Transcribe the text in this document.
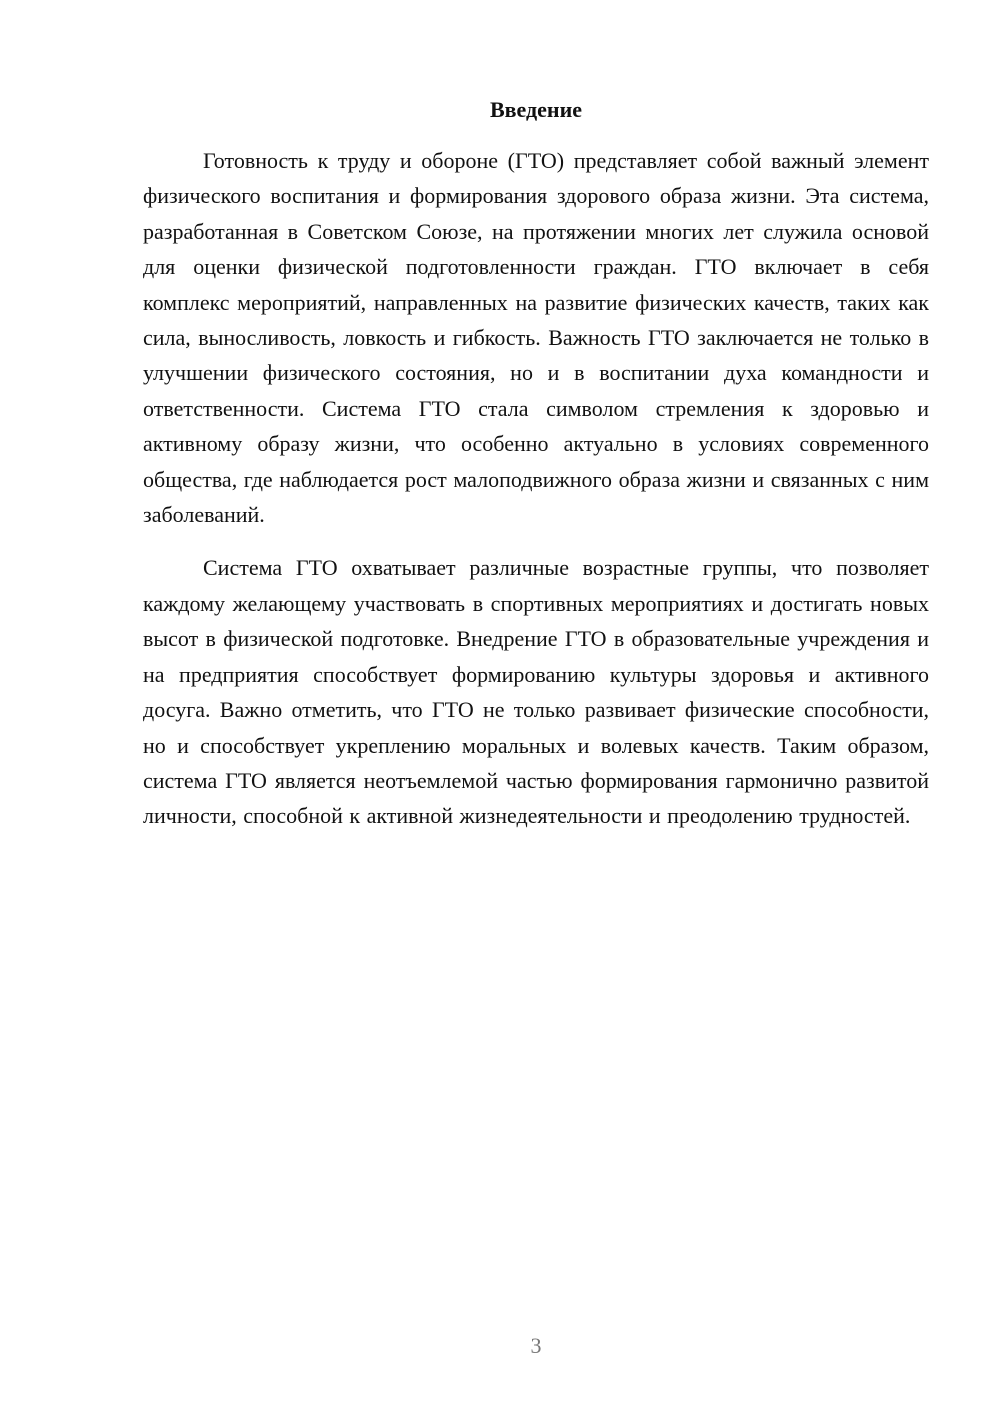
Введение

Готовность к труду и обороне (ГТО) представляет собой важный элемент физического воспитания и формирования здорового образа жизни. Эта система, разработанная в Советском Союзе, на протяжении многих лет служила основой для оценки физической подготовленности граждан. ГТО включает в себя комплекс мероприятий, направленных на развитие физических качеств, таких как сила, выносливость, ловкость и гибкость. Важность ГТО заключается не только в улучшении физического состояния, но и в воспитании духа командности и ответственности. Система ГТО стала символом стремления к здоровью и активному образу жизни, что особенно актуально в условиях современного общества, где наблюдается рост малоподвижного образа жизни и связанных с ним заболеваний.

Система ГТО охватывает различные возрастные группы, что позволяет каждому желающему участвовать в спортивных мероприятиях и достигать новых высот в физической подготовке. Внедрение ГТО в образовательные учреждения и на предприятия способствует формированию культуры здоровья и активного досуга. Важно отметить, что ГТО не только развивает физические способности, но и способствует укреплению моральных и волевых качеств. Таким образом, система ГТО является неотъемлемой частью формирования гармонично развитой личности, способной к активной жизнедеятельности и преодолению трудностей.

3
